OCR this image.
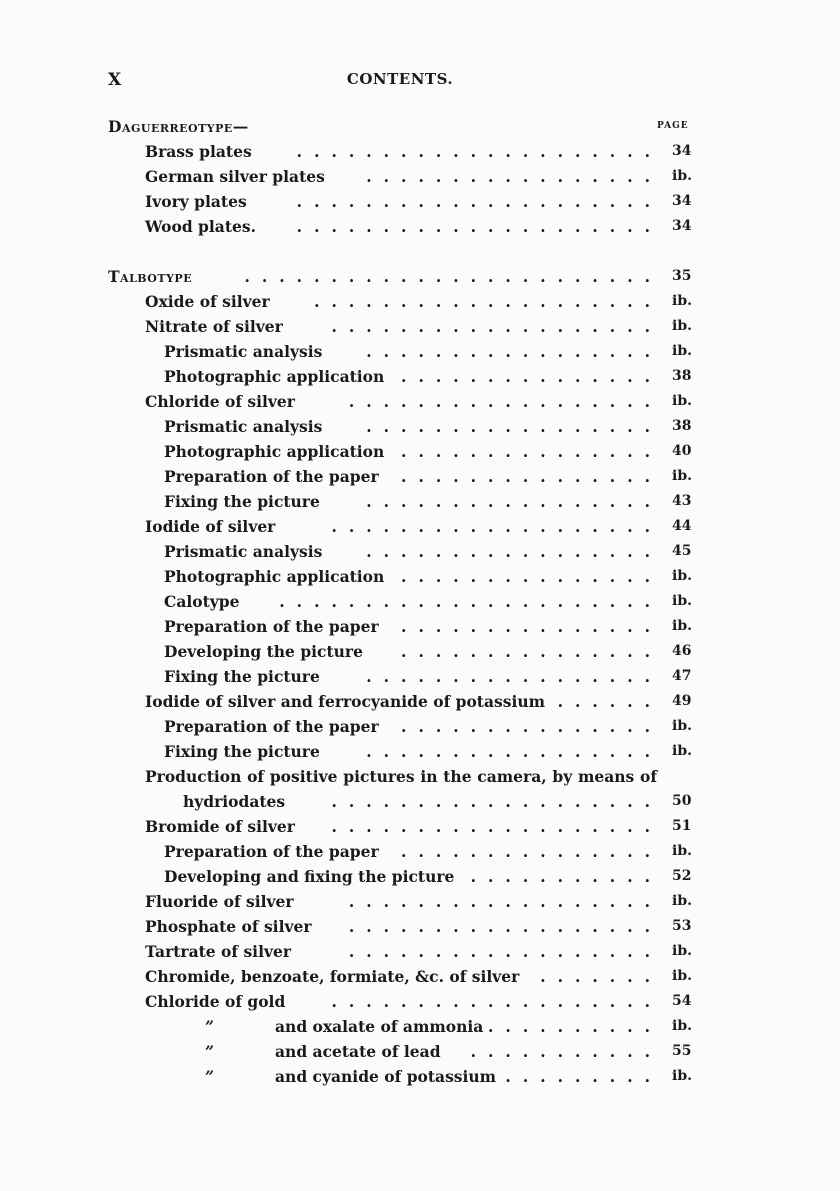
X	CONTENTS.
PAGE
Daguerreotype—
Brass plates	..................... 34
German silver plates	................. ib.
Ivory plates	..................... 34
Wood plates.	..................... 34
Talbotype	........................ 35
Oxide of silver	.................... ib.
Nitrate of silver	................... ib.
Prismatic analysis	................. ib.
Photographic application ............... 38
Chloride of silver	.................. ib.
Prismatic analysis	................. 38
Photographic application ............... 40
Preparation of the paper ............... ib.
Fixing the picture	................. 43
Iodide of silver	................... 44
Prismatic analysis	................. 45
Photographic application ............... ib.
Calotype	...................... ib.
Preparation of the paper ............... ib.
Developing the picture ............... 46
Fixing the picture	................. 47
Iodide of silver and ferrocyanide of potassium ...... 49
Preparation of the paper ............... ib.
Fixing the picture	................. ib.
Production of positive pictures in the camera, by means of
hydriodates	................... 50
Bromide of silver ................... 51
Preparation of the paper ............... ib.
Developing and fixing the picture ........... 52
Fluoride of silver	.................. ib.
Phosphate of silver .................. 53
Tartrate of silver	.................. ib.
Chromide, benzoate, formiate, &c. of silver ....... ib.
Chloride of gold	................... 54
”	and oxalate of ammonia .......... ib.
”	and acetate of lead ........... 55
”	and cyanide of potassium ......... ib.
